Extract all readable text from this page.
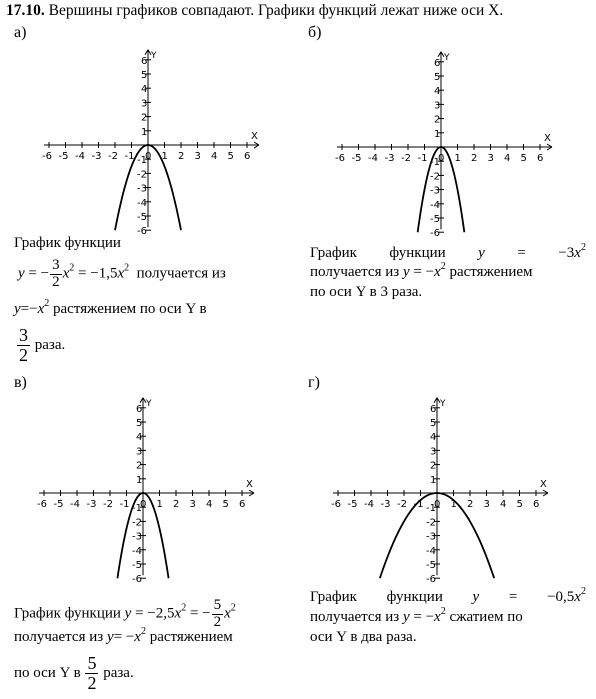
17.10. Вершины графиков совпадают. Графики функций лежат ниже оси X.
а)	б)
в)	г)
X
Y
-6 -5 -4 -3 -2 -1 0 1 2 3 4 5 6
6
5
4
3
2
1
-1
-2
-3
-4
-5
-6
X
Y
-6 -5 -4 -3 -2 -1 0 1 2 3 4 5 6
6
5
4
3
2
1
-1
-2
-3
-4
-5
-6
X
Y
-6 -5 -4 -3 -2 -1 0 1 2 3 4 5 6
6
5
4
3
2
1
-1
-2
-3
-4
-5
-6
X
Y
-6 -5 -4 -3 -2 -1 0 1 2 3 4 5 6
6
5
4
3
2
1
-1
-2
-3
-4
-5
-6
График функции
y = − $\frac{3}{2} x^2 = -1,5x^2$ получается из
$y=-x^2$ растяжением по оси Y в
$\frac{3}{2}$ раза.
График функции $y = -3x^2$
получается из $y = -x^2$ растяжением
по оси Y в 3 раза.
График функции $y = -2,5x^2$ = − $\frac{5}{2} x^2$
получается из $y= -x^2$ растяжением
по оси Y в $\frac{5}{2}$ раза.
График функции $y = -0,5x^2$
получается из $y = -x^2$ сжатием по
оси Y в два раза.
